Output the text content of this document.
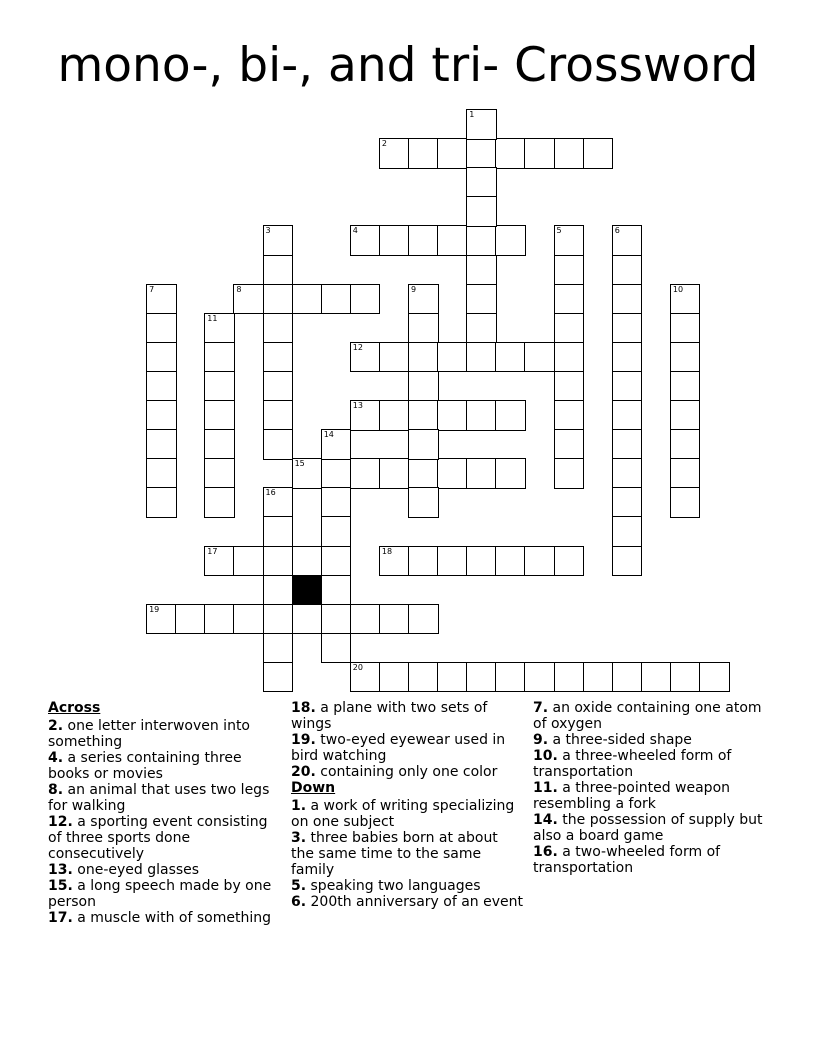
mono-, bi-, and tri- Crossword
2
4
8
12
13
15
17	18
19
20
1
3	5	6
7	9	10
11
14
16
Across
2. one letter interwoven into something
4. a series containing three books or movies
8. an animal that uses two legs for walking
12. a sporting event consisting of three sports done consecutively
13. one-eyed glasses
15. a long speech made by one person
17. a muscle with of something
18. a plane with two sets of wings
19. two-eyed eyewear used in bird watching
20. containing only one color
Down
1. a work of writing specializing on one subject
3. three babies born at about the same time to the same family
5. speaking two languages
6. 200th anniversary of an event
7. an oxide containing one atom of oxygen
9. a three-sided shape
10. a three-wheeled form of transportation
11. a three-pointed weapon resembling a fork
14. the possession of supply but also a board game
16. a two-wheeled form of transportation
